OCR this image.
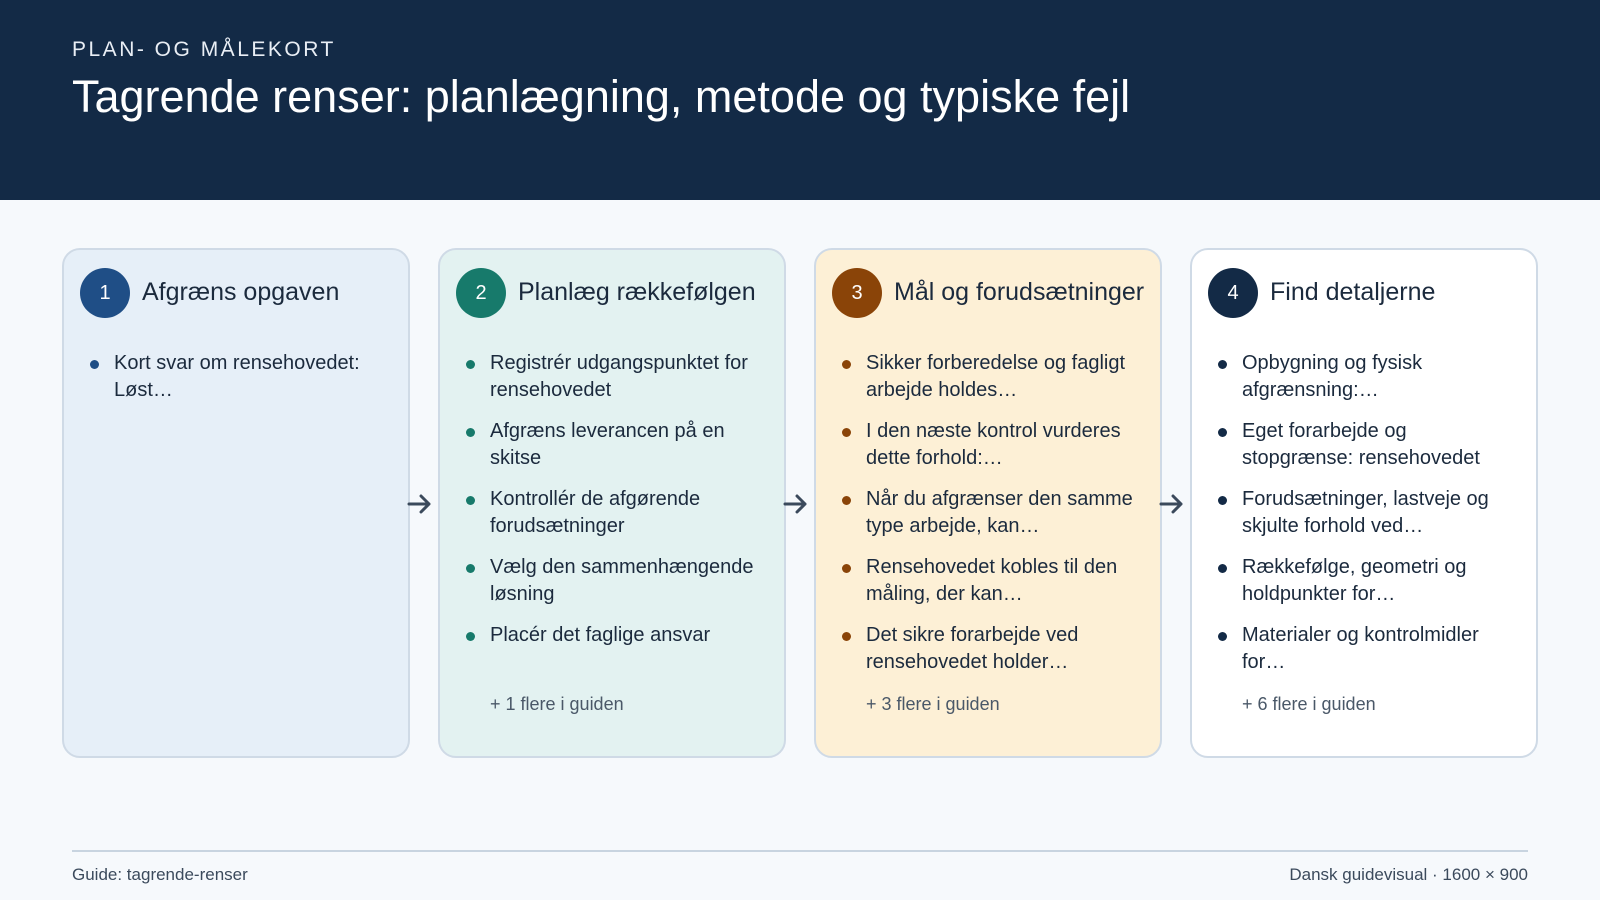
PLAN- OG MÅLEKORT
Tagrende renser: planlægning, metode og typiske fejl
1	Afgræns opgaven
Kort svar om rensehovedet: Løst…
2	Planlæg rækkefølgen
Registrér udgangspunktet for rensehovedet
Afgræns leverancen på en skitse
Kontrollér de afgørende forudsætninger
Vælg den sammenhængende løsning
Placér det faglige ansvar
+ 1 flere i guiden
3	Mål og forudsætninger
Sikker forberedelse og fagligt arbejde holdes…
I den næste kontrol vurderes dette forhold:…
Når du afgrænser den samme type arbejde, kan…
Rensehovedet kobles til den måling, der kan…
Det sikre forarbejde ved rensehovedet holder…
+ 3 flere i guiden
4	Find detaljerne
Opbygning og fysisk afgrænsning:…
Eget forarbejde og stopgrænse: rensehovedet
Forudsætninger, lastveje og skjulte forhold ved…
Rækkefølge, geometri og holdpunkter for…
Materialer og kontrolmidler for…
+ 6 flere i guiden
Guide: tagrende-renser	Dansk guidevisual · 1600 × 900
